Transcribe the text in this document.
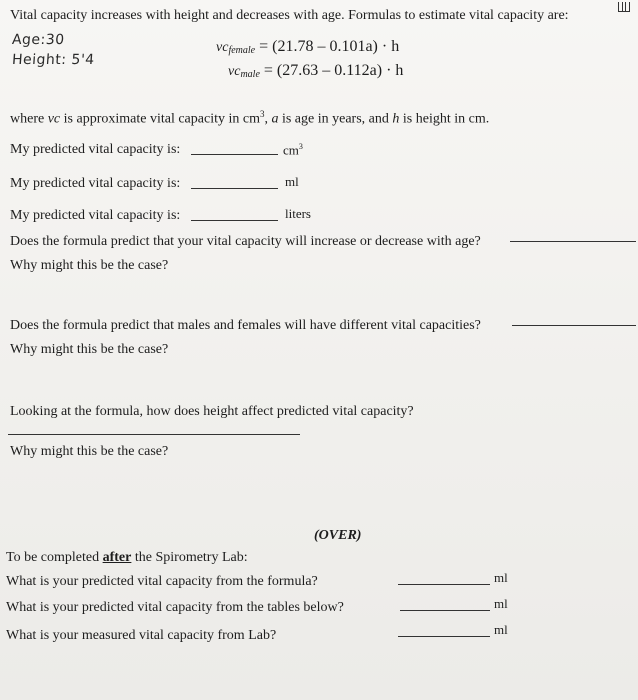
Vital capacity increases with height and decreases with age. Formulas to estimate vital capacity are:
Age:30
Height: 5'4
$vc_{female} = (21.78 - 0.101a) \cdot h$
$vc_{male} = (27.63 - 0.112a) \cdot h$
where vc is approximate vital capacity in $cm^3$, a is age in years, and h is height in cm.
My predicted vital capacity is:	$cm^3$
My predicted vital capacity is:	ml
My predicted vital capacity is:	liters
Does the formula predict that your vital capacity will increase or decrease with age?
Why might this be the case?
Does the formula predict that males and females will have different vital capacities?
Why might this be the case?
Looking at the formula, how does height affect predicted vital capacity?
Why might this be the case?
(OVER)
To be completed after the Spirometry Lab:
What is your predicted vital capacity from the formula?	ml
What is your predicted vital capacity from the tables below?	ml
What is your measured vital capacity from Lab?	ml
